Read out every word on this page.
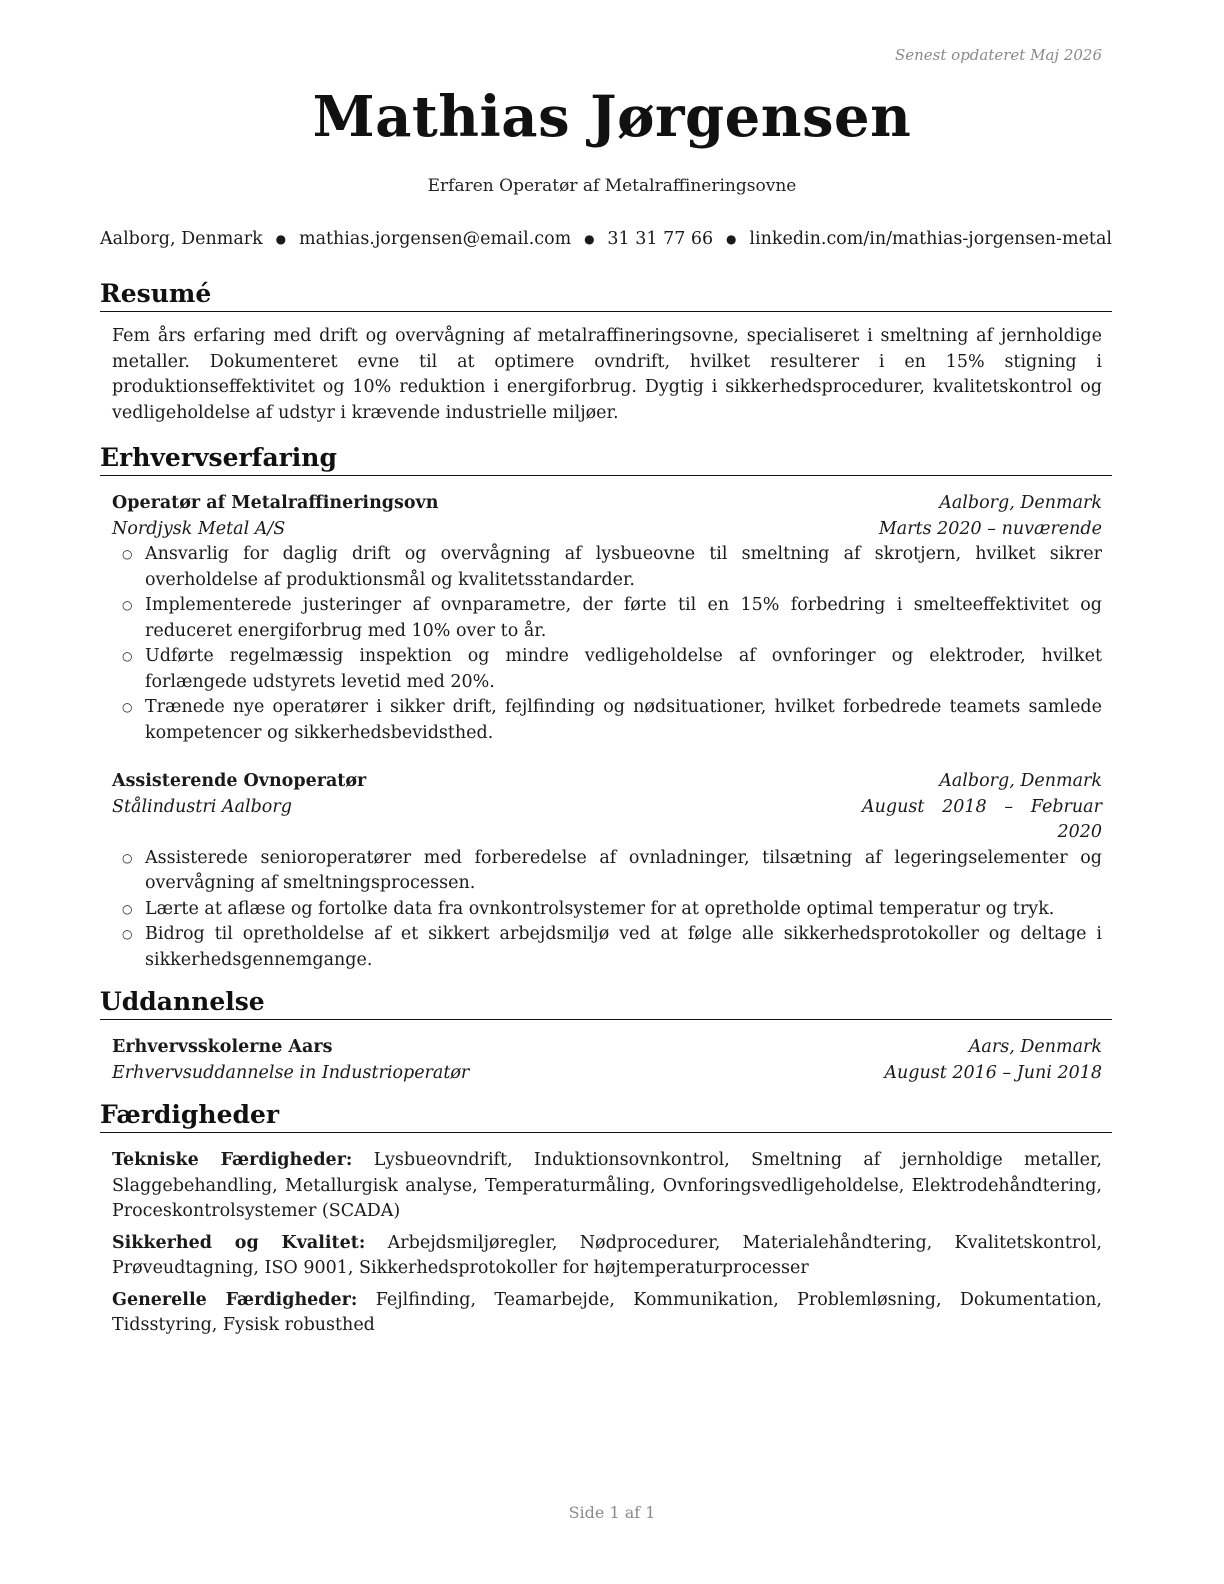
Senest opdateret Maj 2026
Mathias Jørgensen
Erfaren Operatør af Metalraffineringsovne
Aalborg, Denmark ● mathias.jorgensen@email.com ● 31 31 77 66 ● linkedin.com/in/mathias-jorgensen-metal
Resumé
Fem års erfaring med drift og overvågning af metalraffineringsovne, specialiseret i smeltning af jernholdige metaller. Dokumenteret evne til at optimere ovndrift, hvilket resulterer i en 15% stigning i produktionseffektivitet og 10% reduktion i energiforbrug. Dygtig i sikkerhedsprocedurer, kvalitetskontrol og vedligeholdelse af udstyr i krævende industrielle miljøer.
Erhvervserfaring
Operatør af Metalraffineringsovn	Aalborg, Denmark
Nordjysk Metal A/S	Marts 2020 – nuværende
○ Ansvarlig for daglig drift og overvågning af lysbueovne til smeltning af skrotjern, hvilket sikrer overholdelse af produktionsmål og kvalitetsstandarder.
○ Implementerede justeringer af ovnparametre, der førte til en 15% forbedring i smelteeffektivitet og reduceret energiforbrug med 10% over to år.
○ Udførte regelmæssig inspektion og mindre vedligeholdelse af ovnforinger og elektroder, hvilket forlængede udstyrets levetid med 20%.
○ Trænede nye operatører i sikker drift, fejlfinding og nødsituationer, hvilket forbedrede teamets samlede kompetencer og sikkerhedsbevidsthed.
Assisterende Ovnoperatør	Aalborg, Denmark
Stålindustri Aalborg	August 2018 – Februar 2020
○ Assisterede senioroperatører med forberedelse af ovnladninger, tilsætning af legeringselementer og overvågning af smeltningsprocessen.
○ Lærte at aflæse og fortolke data fra ovnkontrolsystemer for at opretholde optimal temperatur og tryk.
○ Bidrog til opretholdelse af et sikkert arbejdsmiljø ved at følge alle sikkerhedsprotokoller og deltage i sikkerhedsgennemgange.
Uddannelse
Erhvervsskolerne Aars	Aars, Denmark
Erhvervsuddannelse in Industrioperatør	August 2016 – Juni 2018
Færdigheder
Tekniske Færdigheder: Lysbueovndrift, Induktionsovnkontrol, Smeltning af jernholdige metaller, Slaggebehandling, Metallurgisk analyse, Temperaturmåling, Ovnforingsvedligeholdelse, Elektrodehåndtering, Proceskontrolsystemer (SCADA)
Sikkerhed og Kvalitet: Arbejdsmiljøregler, Nødprocedurer, Materialehåndtering, Kvalitetskontrol, Prøveudtagning, ISO 9001, Sikkerhedsprotokoller for højtemperaturprocesser
Generelle Færdigheder: Fejlfinding, Teamarbejde, Kommunikation, Problemløsning, Dokumentation, Tidsstyring, Fysisk robusthed
Side 1 af 1
